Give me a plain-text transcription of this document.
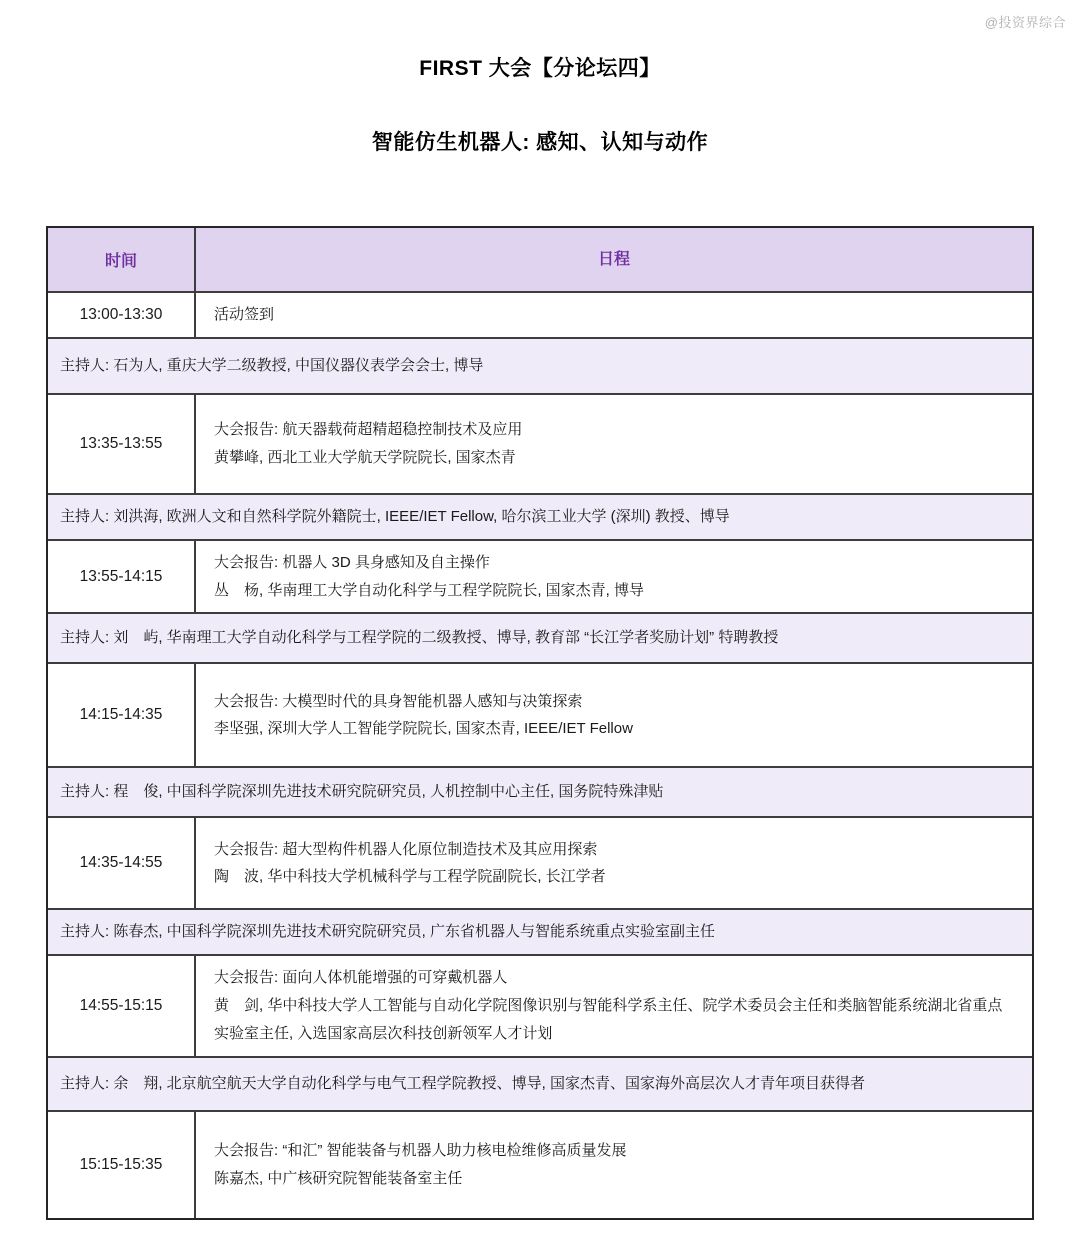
@投资界综合
FIRST 大会【分论坛四】
智能仿生机器人: 感知、认知与动作
时间	日程
13:00-13:30	活动签到
主持人: 石为人, 重庆大学二级教授, 中国仪器仪表学会会士, 博导
13:35-13:55
大会报告: 航天器载荷超精超稳控制技术及应用
黄攀峰, 西北工业大学航天学院院长, 国家杰青
主持人: 刘洪海, 欧洲人文和自然科学院外籍院士, IEEE/IET Fellow, 哈尔滨工业大学 (深圳) 教授、博导
13:55-14:15
大会报告: 机器人 3D 具身感知及自主操作
丛　杨, 华南理工大学自动化科学与工程学院院长, 国家杰青, 博导
主持人: 刘　屿, 华南理工大学自动化科学与工程学院的二级教授、博导, 教育部 “长江学者奖励计划” 特聘教授
14:15-14:35
大会报告: 大模型时代的具身智能机器人感知与决策探索
李坚强, 深圳大学人工智能学院院长, 国家杰青, IEEE/IET Fellow
主持人: 程　俊, 中国科学院深圳先进技术研究院研究员, 人机控制中心主任, 国务院特殊津贴
14:35-14:55
大会报告: 超大型构件机器人化原位制造技术及其应用探索
陶　波, 华中科技大学机械科学与工程学院副院长, 长江学者
主持人: 陈春杰, 中国科学院深圳先进技术研究院研究员, 广东省机器人与智能系统重点实验室副主任
14:55-15:15
大会报告: 面向人体机能增强的可穿戴机器人
黄　剑, 华中科技大学人工智能与自动化学院图像识别与智能科学系主任、院学术委员会主任和类脑智能系统湖北省重点实验室主任, 入选国家高层次科技创新领军人才计划
主持人: 余　翔, 北京航空航天大学自动化科学与电气工程学院教授、博导, 国家杰青、国家海外高层次人才青年项目获得者
15:15-15:35
大会报告: “和汇” 智能装备与机器人助力核电检维修高质量发展
陈嘉杰, 中广核研究院智能装备室主任
